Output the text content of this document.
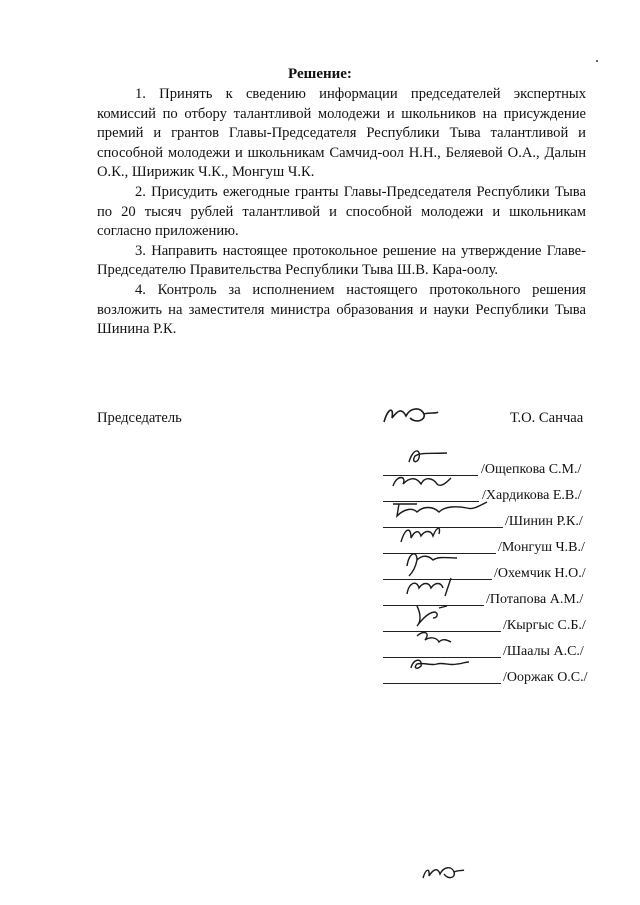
Решение:

1. Принять к сведению информации председателей экспертных комиссий по отбору талантливой молодежи и школьников на присуждение премий и грантов Главы-Председателя Республики Тыва талантливой и способной молодежи и школьникам Самчид-оол Н.Н., Беляевой О.А., Далын О.К., Ширижик Ч.К., Монгуш Ч.К.

2. Присудить ежегодные гранты Главы-Председателя Республики Тыва по 20 тысяч рублей талантливой и способной молодежи и школьникам согласно приложению.

3. Направить настоящее протокольное решение на утверждение Главе-Председателю Правительства Республики Тыва Ш.В. Кара-оолу.

4. Контроль за исполнением настоящего протокольного решения возложить на заместителя министра образования и науки Республики Тыва Шинина Р.К.

Председатель	Т.О. Санчаа
/Ощепкова С.М./
/Хардикова Е.В./
/Шинин Р.К./
/Монгуш Ч.В./
/Охемчик Н.О./
/Потапова А.М./
/Кыргыс С.Б./
/Шаалы А.С./
/Ооржак О.С./
